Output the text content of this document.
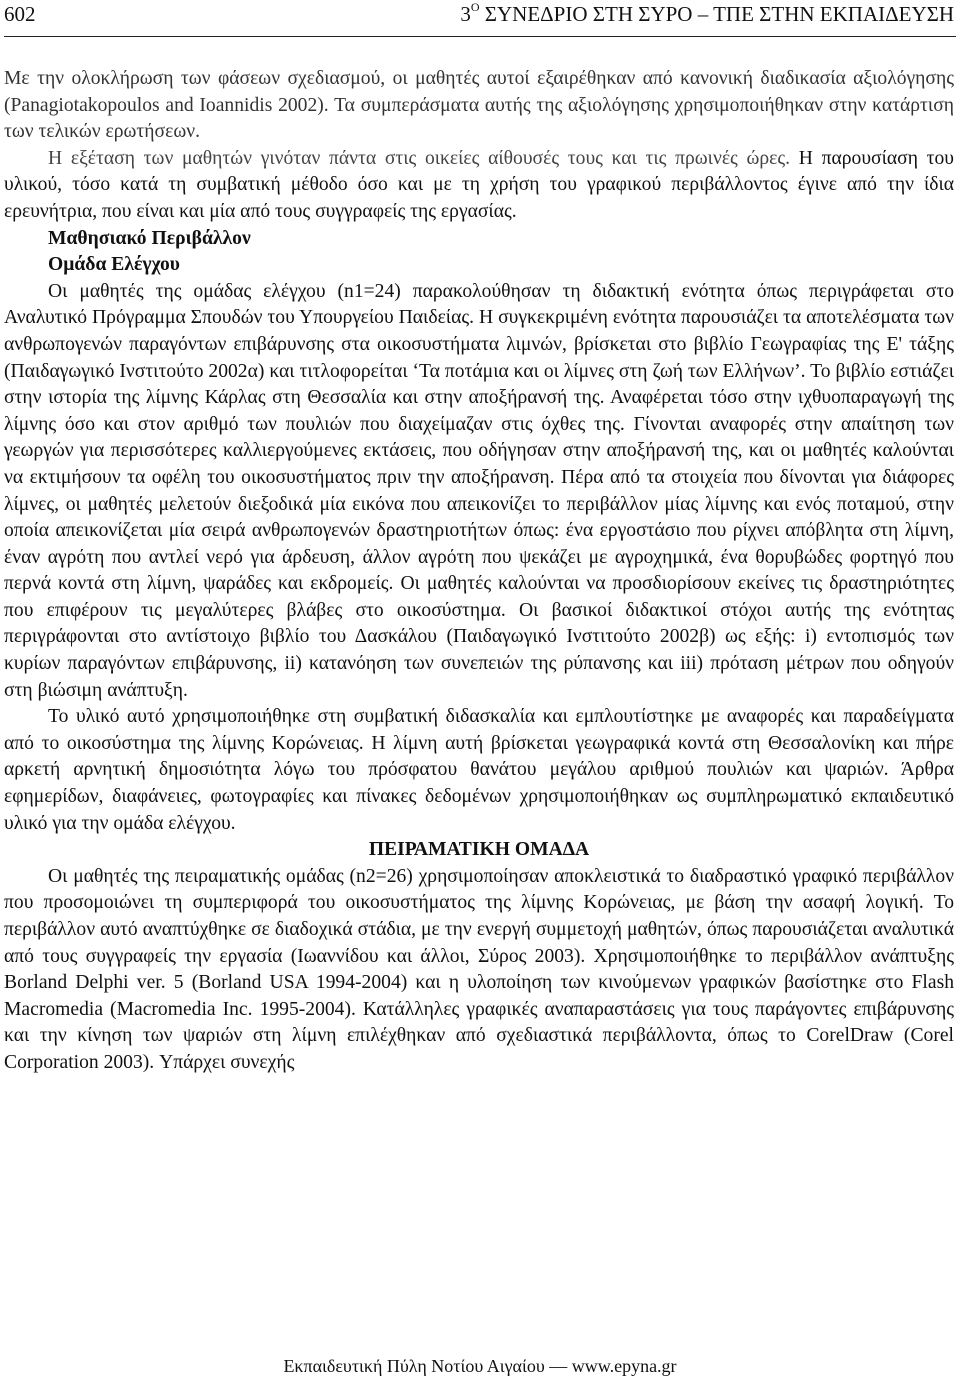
602	$3^O$ ΣΥΝΕΔΡΙΟ ΣΤΗ ΣΥΡΟ – ΤΠΕ ΣΤΗΝ ΕΚΠΑΙΔΕΥΣΗ

Με την ολοκλήρωση των φάσεων σχεδιασμού, οι μαθητές αυτοί εξαιρέθηκαν από κανονική διαδικασία αξιολόγησης (Panagiotakopoulos and Ioannidis 2002). Τα συμπεράσματα αυτής της αξιολόγησης χρησιμοποιήθηκαν στην κατάρτιση των τελικών ερωτήσεων.

Η εξέταση των μαθητών γινόταν πάντα στις οικείες αίθουσές τους και τις πρωινές ώρες. Η παρουσίαση του υλικού, τόσο κατά τη συμβατική μέθοδο όσο και με τη χρήση του γραφικού περιβάλλοντος έγινε από την ίδια ερευνήτρια, που είναι και μία από τους συγγραφείς της εργασίας.

Μαθησιακό Περιβάλλον

Ομάδα Ελέγχου

Οι μαθητές της ομάδας ελέγχου (n1=24) παρακολούθησαν τη διδακτική ενότητα όπως περιγράφεται στο Αναλυτικό Πρόγραμμα Σπουδών του Υπουργείου Παιδείας. Η συγκεκριμένη ενότητα παρουσιάζει τα αποτελέσματα των ανθρωπογενών παραγόντων επιβάρυνσης στα οικοσυστήματα λιμνών, βρίσκεται στο βιβλίο Γεωγραφίας της Ε' τάξης (Παιδαγωγικό Ινστιτούτο 2002α) και τιτλοφορείται ‘Τα ποτάμια και οι λίμνες στη ζωή των Ελλήνων’. Το βιβλίο εστιάζει στην ιστορία της λίμνης Κάρλας στη Θεσσαλία και στην αποξήρανσή της. Αναφέρεται τόσο στην ιχθυοπαραγωγή της λίμνης όσο και στον αριθμό των πουλιών που διαχείμαζαν στις όχθες της. Γίνονται αναφορές στην απαίτηση των γεωργών για περισσότερες καλλιεργούμενες εκτάσεις, που οδήγησαν στην αποξήρανσή της, και οι μαθητές καλούνται να εκτιμήσουν τα οφέλη του οικοσυστήματος πριν την αποξήρανση. Πέρα από τα στοιχεία που δίνονται για διάφορες λίμνες, οι μαθητές μελετούν διεξοδικά μία εικόνα που απεικονίζει το περιβάλλον μίας λίμνης και ενός ποταμού, στην οποία απεικονίζεται μία σειρά ανθρωπογενών δραστηριοτήτων όπως: ένα εργοστάσιο που ρίχνει απόβλητα στη λίμνη, έναν αγρότη που αντλεί νερό για άρδευση, άλλον αγρότη που ψεκάζει με αγροχημικά, ένα θορυβώδες φορτηγό που περνά κοντά στη λίμνη, ψαράδες και εκδρομείς. Οι μαθητές καλούνται να προσδιορίσουν εκείνες τις δραστηριότητες που επιφέρουν τις μεγαλύτερες βλάβες στο οικοσύστημα. Οι βασικοί διδακτικοί στόχοι αυτής της ενότητας περιγράφονται στο αντίστοιχο βιβλίο του Δασκάλου (Παιδαγωγικό Ινστιτούτο 2002β) ως εξής: i) εντοπισμός των κυρίων παραγόντων επιβάρυνσης, ii) κατανόηση των συνεπειών της ρύπανσης και iii) πρόταση μέτρων που οδηγούν στη βιώσιμη ανάπτυξη.

Το υλικό αυτό χρησιμοποιήθηκε στη συμβατική διδασκαλία και εμπλουτίστηκε με αναφορές και παραδείγματα από το οικοσύστημα της λίμνης Κορώνειας. Η λίμνη αυτή βρίσκεται γεωγραφικά κοντά στη Θεσσαλονίκη και πήρε αρκετή αρνητική δημοσιότητα λόγω του πρόσφατου θανάτου μεγάλου αριθμού πουλιών και ψαριών. Άρθρα εφημερίδων, διαφάνειες, φωτογραφίες και πίνακες δεδομένων χρησιμοποιήθηκαν ως συμπληρωματικό εκπαιδευτικό υλικό για την ομάδα ελέγχου.

ΠΕΙΡΑΜΑΤΙΚΗ ΟΜΑΔΑ

Οι μαθητές της πειραματικής ομάδας (n2=26) χρησιμοποίησαν αποκλειστικά το διαδραστικό γραφικό περιβάλλον που προσομοιώνει τη συμπεριφορά του οικοσυστήματος της λίμνης Κορώνειας, με βάση την ασαφή λογική. Το περιβάλλον αυτό αναπτύχθηκε σε διαδοχικά στάδια, με την ενεργή συμμετοχή μαθητών, όπως παρουσιάζεται αναλυτικά από τους συγγραφείς την εργασία (Ιωαννίδου και άλλοι, Σύρος 2003). Χρησιμοποιήθηκε το περιβάλλον ανάπτυξης Borland Delphi ver. 5 (Borland USA 1994-2004) και η υλοποίηση των κινούμενων γραφικών βασίστηκε στο Flash Macromedia (Macromedia Inc. 1995-2004). Κατάλληλες γραφικές αναπαραστάσεις για τους παράγοντες επιβάρυνσης και την κίνηση των ψαριών στη λίμνη επιλέχθηκαν από σχεδιαστικά περιβάλλοντα, όπως το CorelDraw (Corel Corporation 2003). Υπάρχει συνεχής

Εκπαιδευτική Πύλη Νοτίου Αιγαίου — www.epyna.gr
